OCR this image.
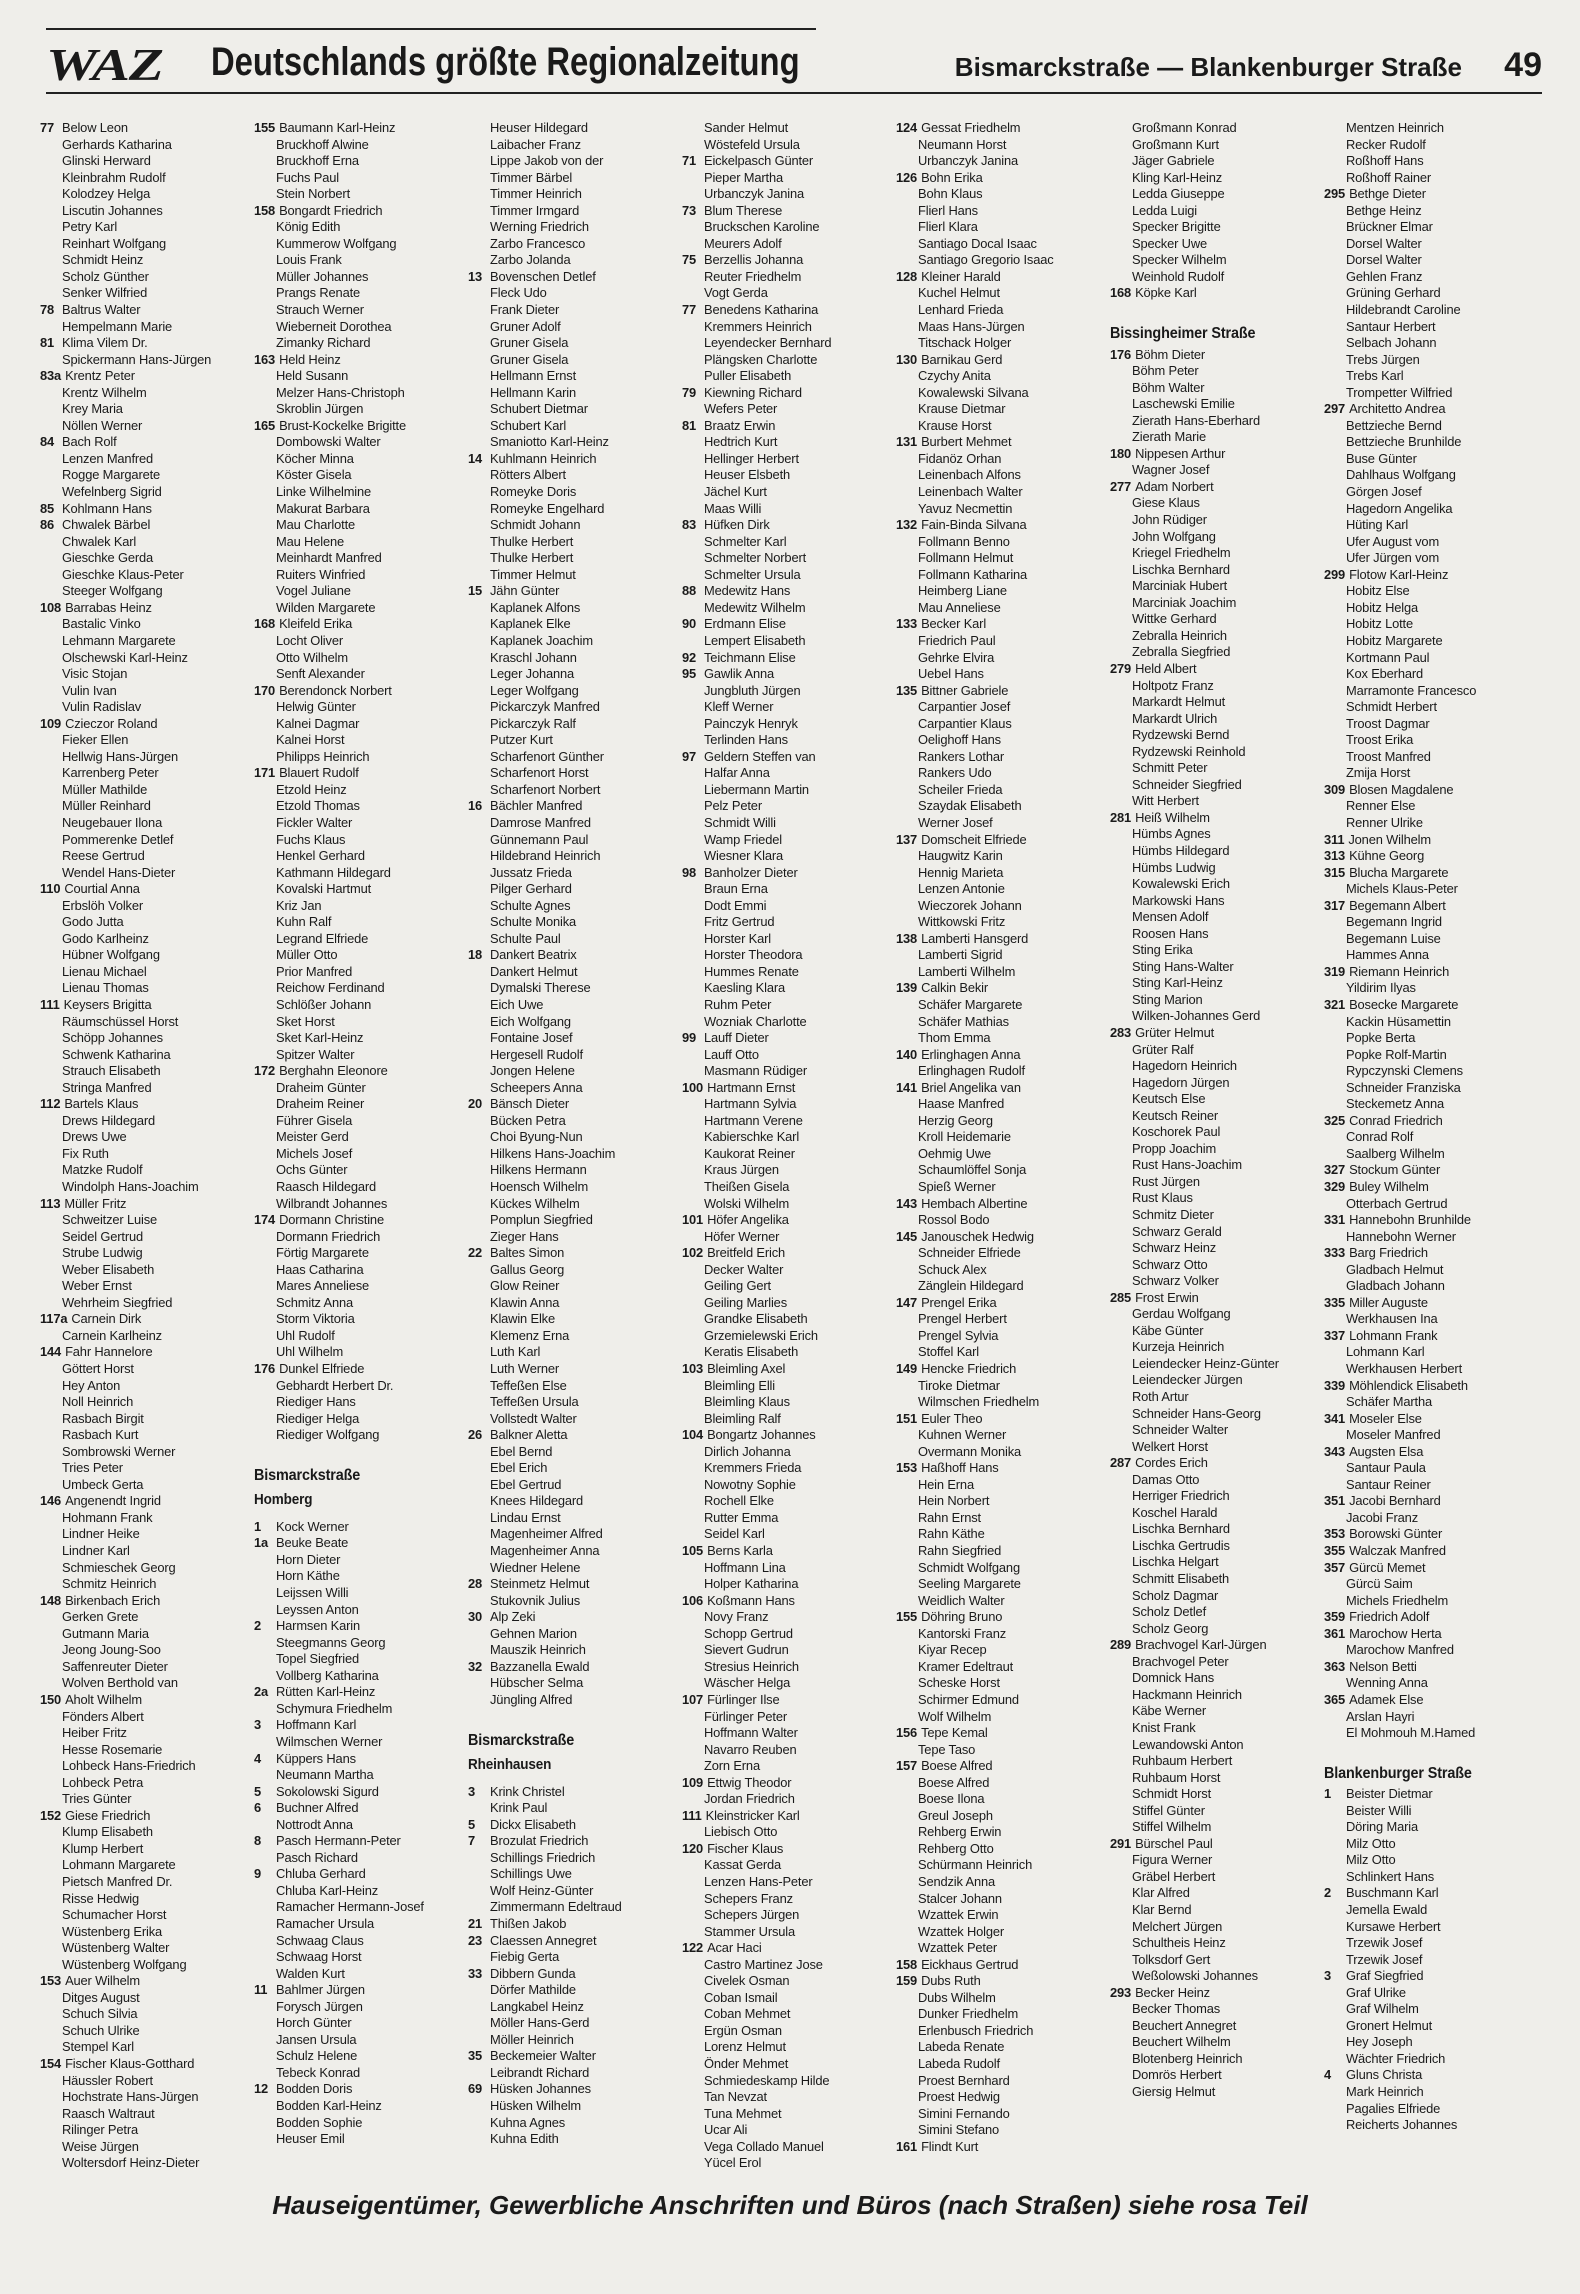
WAZ Deutschlands größte Regionalzeitung	Bismarckstraße — Blankenburger Straße 49
77 Below Leon
Gerhards Katharina
Glinski Herward
Kleinbrahm Rudolf
Kolodzey Helga
Liscutin Johannes
Petry Karl
Reinhart Wolfgang
Schmidt Heinz
Scholz Günther
Senker Wilfried
78 Baltrus Walter
Hempelmann Marie
81 Klima Vilem Dr.
Spickermann Hans-Jürgen
83a Krentz Peter
Krentz Wilhelm
Krey Maria
Nöllen Werner
84 Bach Rolf
Lenzen Manfred
Rogge Margarete
Wefelnberg Sigrid
85 Kohlmann Hans
86 Chwalek Bärbel
Chwalek Karl
Gieschke Gerda
Gieschke Klaus-Peter
Steeger Wolfgang
108 Barrabas Heinz
Bastalic Vinko
Lehmann Margarete
Olschewski Karl-Heinz
Visic Stojan
Vulin Ivan
Vulin Radislav
109 Czieczor Roland
Fieker Ellen
Hellwig Hans-Jürgen
Karrenberg Peter
Müller Mathilde
Müller Reinhard
Neugebauer Ilona
Pommerenke Detlef
Reese Gertrud
Wendel Hans-Dieter
110 Courtial Anna
Erbslöh Volker
Godo Jutta
Godo Karlheinz
Hübner Wolfgang
Lienau Michael
Lienau Thomas
111 Keysers Brigitta
Räumschüssel Horst
Schöpp Johannes
Schwenk Katharina
Strauch Elisabeth
Stringa Manfred
112 Bartels Klaus
Drews Hildegard
Drews Uwe
Fix Ruth
Matzke Rudolf
Windolph Hans-Joachim
113 Müller Fritz
Schweitzer Luise
Seidel Gertrud
Strube Ludwig
Weber Elisabeth
Weber Ernst
Wehrheim Siegfried
117a Carnein Dirk
Carnein Karlheinz
144 Fahr Hannelore
Göttert Horst
Hey Anton
Noll Heinrich
Rasbach Birgit
Rasbach Kurt
Sombrowski Werner
Tries Peter
Umbeck Gerta
146 Angenendt Ingrid
Hohmann Frank
Lindner Heike
Lindner Karl
Schmieschek Georg
Schmitz Heinrich
148 Birkenbach Erich
Gerken Grete
Gutmann Maria
Jeong Joung-Soo
Saffenreuter Dieter
Wolven Berthold van
150 Aholt Wilhelm
Fönders Albert
Heiber Fritz
Hesse Rosemarie
Lohbeck Hans-Friedrich
Lohbeck Petra
Tries Günter
152 Giese Friedrich
Klump Elisabeth
Klump Herbert
Lohmann Margarete
Pietsch Manfred Dr.
Risse Hedwig
Schumacher Horst
Wüstenberg Erika
Wüstenberg Walter
Wüstenberg Wolfgang
153 Auer Wilhelm
Ditges August
Schuch Silvia
Schuch Ulrike
Stempel Karl
154 Fischer Klaus-Gotthard
Häussler Robert
Hochstrate Hans-Jürgen
Raasch Waltraut
Rilinger Petra
Weise Jürgen
Woltersdorf Heinz-Dieter
155 Baumann Karl-Heinz
Bruckhoff Alwine
Bruckhoff Erna
Fuchs Paul
Stein Norbert
158 Bongardt Friedrich
König Edith
Kummerow Wolfgang
Louis Frank
Müller Johannes
Prangs Renate
Strauch Werner
Wieberneit Dorothea
Zimanky Richard
163 Held Heinz
Held Susann
Melzer Hans-Christoph
Skroblin Jürgen
165 Brust-Kockelke Brigitte
Dombowski Walter
Köcher Minna
Köster Gisela
Linke Wilhelmine
Makurat Barbara
Mau Charlotte
Mau Helene
Meinhardt Manfred
Ruiters Winfried
Vogel Juliane
Wilden Margarete
168 Kleifeld Erika
Locht Oliver
Otto Wilhelm
Senft Alexander
170 Berendonck Norbert
Helwig Günter
Kalnei Dagmar
Kalnei Horst
Philipps Heinrich
171 Blauert Rudolf
Etzold Heinz
Etzold Thomas
Fickler Walter
Fuchs Klaus
Henkel Gerhard
Kathmann Hildegard
Kovalski Hartmut
Kriz Jan
Kuhn Ralf
Legrand Elfriede
Müller Otto
Prior Manfred
Reichow Ferdinand
Schlößer Johann
Sket Horst
Sket Karl-Heinz
Spitzer Walter
172 Berghahn Eleonore
Draheim Günter
Draheim Reiner
Führer Gisela
Meister Gerd
Michels Josef
Ochs Günter
Raasch Hildegard
Wilbrandt Johannes
174 Dormann Christine
Dormann Friedrich
Förtig Margarete
Haas Catharina
Mares Anneliese
Schmitz Anna
Storm Viktoria
Uhl Rudolf
Uhl Wilhelm
176 Dunkel Elfriede
Gebhardt Herbert Dr.
Riediger Hans
Riediger Helga
Riediger Wolfgang
Bismarckstraße
Homberg
1	Kock Werner
1a Beuke Beate
Horn Dieter
Horn Käthe
Leijssen Willi
Leyssen Anton
2	Harmsen Karin
Steegmanns Georg
Topel Siegfried
Vollberg Katharina
2a Rütten Karl-Heinz
Schymura Friedhelm
3	Hoffmann Karl
Wilmschen Werner
4	Küppers Hans
Neumann Martha
5	Sokolowski Sigurd
6	Buchner Alfred
Nottrodt Anna
8	Pasch Hermann-Peter
Pasch Richard
9	Chluba Gerhard
Chluba Karl-Heinz
Ramacher Hermann-Josef
Ramacher Ursula
Schwaag Claus
Schwaag Horst
Walden Kurt
11 Bahlmer Jürgen
Forysch Jürgen
Horch Günter
Jansen Ursula
Schulz Helene
Tebeck Konrad
12 Bodden Doris
Bodden Karl-Heinz
Bodden Sophie
Heuser Emil
Heuser Hildegard
Laibacher Franz
Lippe Jakob von der
Timmer Bärbel
Timmer Heinrich
Timmer Irmgard
Werning Friedrich
Zarbo Francesco
Zarbo Jolanda
13 Bovenschen Detlef
Fleck Udo
Frank Dieter
Gruner Adolf
Gruner Gisela
Gruner Gisela
Hellmann Ernst
Hellmann Karin
Schubert Dietmar
Schubert Karl
Smaniotto Karl-Heinz
14 Kuhlmann Heinrich
Rötters Albert
Romeyke Doris
Romeyke Engelhard
Schmidt Johann
Thulke Herbert
Thulke Herbert
Timmer Helmut
15 Jähn Günter
Kaplanek Alfons
Kaplanek Elke
Kaplanek Joachim
Kraschl Johann
Leger Johanna
Leger Wolfgang
Pickarczyk Manfred
Pickarczyk Ralf
Putzer Kurt
Scharfenort Günther
Scharfenort Horst
Scharfenort Norbert
16 Bächler Manfred
Damrose Manfred
Günnemann Paul
Hildebrand Heinrich
Jussatz Frieda
Pilger Gerhard
Schulte Agnes
Schulte Monika
Schulte Paul
18 Dankert Beatrix
Dankert Helmut
Dymalski Therese
Eich Uwe
Eich Wolfgang
Fontaine Josef
Hergesell Rudolf
Jongen Helene
Scheepers Anna
20 Bänsch Dieter
Bücken Petra
Choi Byung-Nun
Hilkens Hans-Joachim
Hilkens Hermann
Hoensch Wilhelm
Kückes Wilhelm
Pomplun Siegfried
Zieger Hans
22 Baltes Simon
Gallus Georg
Glow Reiner
Klawin Anna
Klawin Elke
Klemenz Erna
Luth Karl
Luth Werner
Teffeßen Else
Teffeßen Ursula
Vollstedt Walter
26 Balkner Aletta
Ebel Bernd
Ebel Erich
Ebel Gertrud
Knees Hildegard
Lindau Ernst
Magenheimer Alfred
Magenheimer Anna
Wiedner Helene
28 Steinmetz Helmut
Stukovnik Julius
30 Alp Zeki
Gehnen Marion
Mauszik Heinrich
32 Bazzanella Ewald
Hübscher Selma
Jüngling Alfred
Bismarckstraße
Rheinhausen
3	Krink Christel
Krink Paul
5	Dickx Elisabeth
7	Brozulat Friedrich
Schillings Friedrich
Schillings Uwe
Wolf Heinz-Günter
Zimmermann Edeltraud
21 Thißen Jakob
23 Claessen Annegret
Fiebig Gerta
33 Dibbern Gunda
Dörfer Mathilde
Langkabel Heinz
Möller Hans-Gerd
Möller Heinrich
35 Beckemeier Walter
Leibrandt Richard
69 Hüsken Johannes
Hüsken Wilhelm
Kuhna Agnes
Kuhna Edith
Sander Helmut
Wöstefeld Ursula
71 Eickelpasch Günter
Pieper Martha
Urbanczyk Janina
73 Blum Therese
Bruckschen Karoline
Meurers Adolf
75 Berzellis Johanna
Reuter Friedhelm
Vogt Gerda
77 Benedens Katharina
Kremmers Heinrich
Leyendecker Bernhard
Plängsken Charlotte
Puller Elisabeth
79 Kiewning Richard
Wefers Peter
81 Braatz Erwin
Hedtrich Kurt
Hellinger Herbert
Heuser Elsbeth
Jächel Kurt
Maas Willi
83 Hüfken Dirk
Schmelter Karl
Schmelter Norbert
Schmelter Ursula
88 Medewitz Hans
Medewitz Wilhelm
90 Erdmann Elise
Lempert Elisabeth
92 Teichmann Elise
95 Gawlik Anna
Jungbluth Jürgen
Kleff Werner
Painczyk Henryk
Terlinden Hans
97 Geldern Steffen van
Halfar Anna
Liebermann Martin
Pelz Peter
Schmidt Willi
Wamp Friedel
Wiesner Klara
98 Banholzer Dieter
Braun Erna
Dodt Emmi
Fritz Gertrud
Horster Karl
Horster Theodora
Hummes Renate
Kaesling Klara
Ruhm Peter
Wozniak Charlotte
99 Lauff Dieter
Lauff Otto
Masmann Rüdiger
100 Hartmann Ernst
Hartmann Sylvia
Hartmann Verene
Kabierschke Karl
Kaukorat Reiner
Kraus Jürgen
Theißen Gisela
Wolski Wilhelm
101 Höfer Angelika
Höfer Werner
102 Breitfeld Erich
Decker Walter
Geiling Gert
Geiling Marlies
Grandke Elisabeth
Grzemielewski Erich
Keratis Elisabeth
103 Bleimling Axel
Bleimling Elli
Bleimling Klaus
Bleimling Ralf
104 Bongartz Johannes
Dirlich Johanna
Kremmers Frieda
Nowotny Sophie
Rochell Elke
Rutter Emma
Seidel Karl
105 Berns Karla
Hoffmann Lina
Holper Katharina
106 Koßmann Hans
Novy Franz
Schopp Gertrud
Sievert Gudrun
Stresius Heinrich
Wäscher Helga
107 Fürlinger Ilse
Fürlinger Peter
Hoffmann Walter
Navarro Reuben
Zorn Erna
109 Ettwig Theodor
Jordan Friedrich
111 Kleinstricker Karl
Liebisch Otto
120 Fischer Klaus
Kassat Gerda
Lenzen Hans-Peter
Schepers Franz
Schepers Jürgen
Stammer Ursula
122 Acar Haci
Castro Martinez Jose
Civelek Osman
Coban Ismail
Coban Mehmet
Ergün Osman
Lorenz Helmut
Önder Mehmet
Schmiedeskamp Hilde
Tan Nevzat
Tuna Mehmet
Ucar Ali
Vega Collado Manuel
Yücel Erol
124 Gessat Friedhelm
Neumann Horst
Urbanczyk Janina
126 Bohn Erika
Bohn Klaus
Flierl Hans
Flierl Klara
Santiago Docal Isaac
Santiago Gregorio Isaac
128 Kleiner Harald
Kuchel Helmut
Lenhard Frieda
Maas Hans-Jürgen
Titschack Holger
130 Barnikau Gerd
Czychy Anita
Kowalewski Silvana
Krause Dietmar
Krause Horst
131 Burbert Mehmet
Fidanöz Orhan
Leinenbach Alfons
Leinenbach Walter
Yavuz Necmettin
132 Fain-Binda Silvana
Follmann Benno
Follmann Helmut
Follmann Katharina
Heimberg Liane
Mau Anneliese
133 Becker Karl
Friedrich Paul
Gehrke Elvira
Uebel Hans
135 Bittner Gabriele
Carpantier Josef
Carpantier Klaus
Oelighoff Hans
Rankers Lothar
Rankers Udo
Scheiler Frieda
Szaydak Elisabeth
Werner Josef
137 Domscheit Elfriede
Haugwitz Karin
Hennig Marieta
Lenzen Antonie
Wieczorek Johann
Wittkowski Fritz
138 Lamberti Hansgerd
Lamberti Sigrid
Lamberti Wilhelm
139 Calkin Bekir
Schäfer Margarete
Schäfer Mathias
Thom Emma
140 Erlinghagen Anna
Erlinghagen Rudolf
141 Briel Angelika van
Haase Manfred
Herzig Georg
Kroll Heidemarie
Oehmig Uwe
Schaumlöffel Sonja
Spieß Werner
143 Hembach Albertine
Rossol Bodo
145 Janouschek Hedwig
Schneider Elfriede
Schuck Alex
Zänglein Hildegard
147 Prengel Erika
Prengel Herbert
Prengel Sylvia
Stoffel Karl
149 Hencke Friedrich
Tiroke Dietmar
Wilmschen Friedhelm
151 Euler Theo
Kuhnen Werner
Overmann Monika
153 Haßhoff Hans
Hein Erna
Hein Norbert
Rahn Ernst
Rahn Käthe
Rahn Siegfried
Schmidt Wolfgang
Seeling Margarete
Weidlich Walter
155 Döhring Bruno
Kantorski Franz
Kiyar Recep
Kramer Edeltraut
Scheske Horst
Schirmer Edmund
Wolf Wilhelm
156 Tepe Kemal
Tepe Taso
157 Boese Alfred
Boese Alfred
Boese Ilona
Greul Joseph
Rehberg Erwin
Rehberg Otto
Schürmann Heinrich
Sendzik Anna
Stalcer Johann
Wzattek Erwin
Wzattek Holger
Wzattek Peter
158 Eickhaus Gertrud
159 Dubs Ruth
Dubs Wilhelm
Dunker Friedhelm
Erlenbusch Friedrich
Labeda Renate
Labeda Rudolf
Proest Bernhard
Proest Hedwig
Simini Fernando
Simini Stefano
161 Flindt Kurt
Großmann Konrad
Großmann Kurt
Jäger Gabriele
Kling Karl-Heinz
Ledda Giuseppe
Ledda Luigi
Specker Brigitte
Specker Uwe
Specker Wilhelm
Weinhold Rudolf
168 Köpke Karl
Bissingheimer Straße
176 Böhm Dieter
Böhm Peter
Böhm Walter
Laschewski Emilie
Zierath Hans-Eberhard
Zierath Marie
180 Nippesen Arthur
Wagner Josef
277 Adam Norbert
Giese Klaus
John Rüdiger
John Wolfgang
Kriegel Friedhelm
Lischka Bernhard
Marciniak Hubert
Marciniak Joachim
Wittke Gerhard
Zebralla Heinrich
Zebralla Siegfried
279 Held Albert
Holtpotz Franz
Markardt Helmut
Markardt Ulrich
Rydzewski Bernd
Rydzewski Reinhold
Schmitt Peter
Schneider Siegfried
Witt Herbert
281 Heiß Wilhelm
Hümbs Agnes
Hümbs Hildegard
Hümbs Ludwig
Kowalewski Erich
Markowski Hans
Mensen Adolf
Roosen Hans
Sting Erika
Sting Hans-Walter
Sting Karl-Heinz
Sting Marion
Wilken-Johannes Gerd
283 Grüter Helmut
Grüter Ralf
Hagedorn Heinrich
Hagedorn Jürgen
Keutsch Else
Keutsch Reiner
Koschorek Paul
Propp Joachim
Rust Hans-Joachim
Rust Jürgen
Rust Klaus
Schmitz Dieter
Schwarz Gerald
Schwarz Heinz
Schwarz Otto
Schwarz Volker
285 Frost Erwin
Gerdau Wolfgang
Käbe Günter
Kurzeja Heinrich
Leiendecker Heinz-Günter
Leiendecker Jürgen
Roth Artur
Schneider Hans-Georg
Schneider Walter
Welkert Horst
287 Cordes Erich
Damas Otto
Herriger Friedrich
Koschel Harald
Lischka Bernhard
Lischka Gertrudis
Lischka Helgart
Schmitt Elisabeth
Scholz Dagmar
Scholz Detlef
Scholz Georg
289 Brachvogel Karl-Jürgen
Brachvogel Peter
Domnick Hans
Hackmann Heinrich
Käbe Werner
Knist Frank
Lewandowski Anton
Ruhbaum Herbert
Ruhbaum Horst
Schmidt Horst
Stiffel Günter
Stiffel Wilhelm
291 Bürschel Paul
Figura Werner
Gräbel Herbert
Klar Alfred
Klar Bernd
Melchert Jürgen
Schultheis Heinz
Tolksdorf Gert
Weßolowski Johannes
293 Becker Heinz
Becker Thomas
Beuchert Annegret
Beuchert Wilhelm
Blotenberg Heinrich
Domrös Herbert
Giersig Helmut
Mentzen Heinrich
Recker Rudolf
Roßhoff Hans
Roßhoff Rainer
295 Bethge Dieter
Bethge Heinz
Brückner Elmar
Dorsel Walter
Dorsel Walter
Gehlen Franz
Grüning Gerhard
Hildebrandt Caroline
Santaur Herbert
Selbach Johann
Trebs Jürgen
Trebs Karl
Trompetter Wilfried
297 Architetto Andrea
Bettzieche Bernd
Bettzieche Brunhilde
Buse Günter
Dahlhaus Wolfgang
Görgen Josef
Hagedorn Angelika
Hüting Karl
Ufer August vom
Ufer Jürgen vom
299 Flotow Karl-Heinz
Hobitz Else
Hobitz Helga
Hobitz Lotte
Hobitz Margarete
Kortmann Paul
Kox Eberhard
Marramonte Francesco
Schmidt Herbert
Troost Dagmar
Troost Erika
Troost Manfred
Zmija Horst
309 Blosen Magdalene
Renner Else
Renner Ulrike
311 Jonen Wilhelm
313 Kühne Georg
315 Blucha Margarete
Michels Klaus-Peter
317 Begemann Albert
Begemann Ingrid
Begemann Luise
Hammes Anna
319 Riemann Heinrich
Yildirim Ilyas
321 Boseckе Margarete
Kackin Hüsamettin
Popke Berta
Popke Rolf-Martin
Rypczynski Clemens
Schneider Franziska
Steckemetz Anna
325 Conrad Friedrich
Conrad Rolf
Saalberg Wilhelm
327 Stockum Günter
329 Buley Wilhelm
Otterbach Gertrud
331 Hannebohn Brunhilde
Hannebohn Werner
333 Barg Friedrich
Gladbach Helmut
Gladbach Johann
335 Miller Auguste
Werkhausen Ina
337 Lohmann Frank
Lohmann Karl
Werkhausen Herbert
339 Möhlendick Elisabeth
Schäfer Martha
341 Moseler Else
Moseler Manfred
343 Augsten Elsa
Santaur Paula
Santaur Reiner
351 Jacobi Bernhard
Jacobi Franz
353 Borowski Günter
355 Walczak Manfred
357 Gürcü Memet
Gürcü Saim
Michels Friedhelm
359 Friedrich Adolf
361 Marochow Herta
Marochow Manfred
363 Nelson Betti
Wenning Anna
365 Adamek Else
Arslan Hayri
El Mohmouh M.Hamed
Blankenburger Straße
1	Beister Dietmar
Beister Willi
Döring Maria
Milz Otto
Milz Otto
Schlinkert Hans
2	Buschmann Karl
Jemella Ewald
Kursawe Herbert
Trzewik Josef
Trzewik Josef
3	Graf Siegfried
Graf Ulrike
Graf Wilhelm
Gronert Helmut
Hey Joseph
Wächter Friedrich
4	Gluns Christa
Mark Heinrich
Pagalies Elfriede
Reicherts Johannes
Hauseigentümer, Gewerbliche Anschriften und Büros (nach Straßen) siehe rosa Teil
